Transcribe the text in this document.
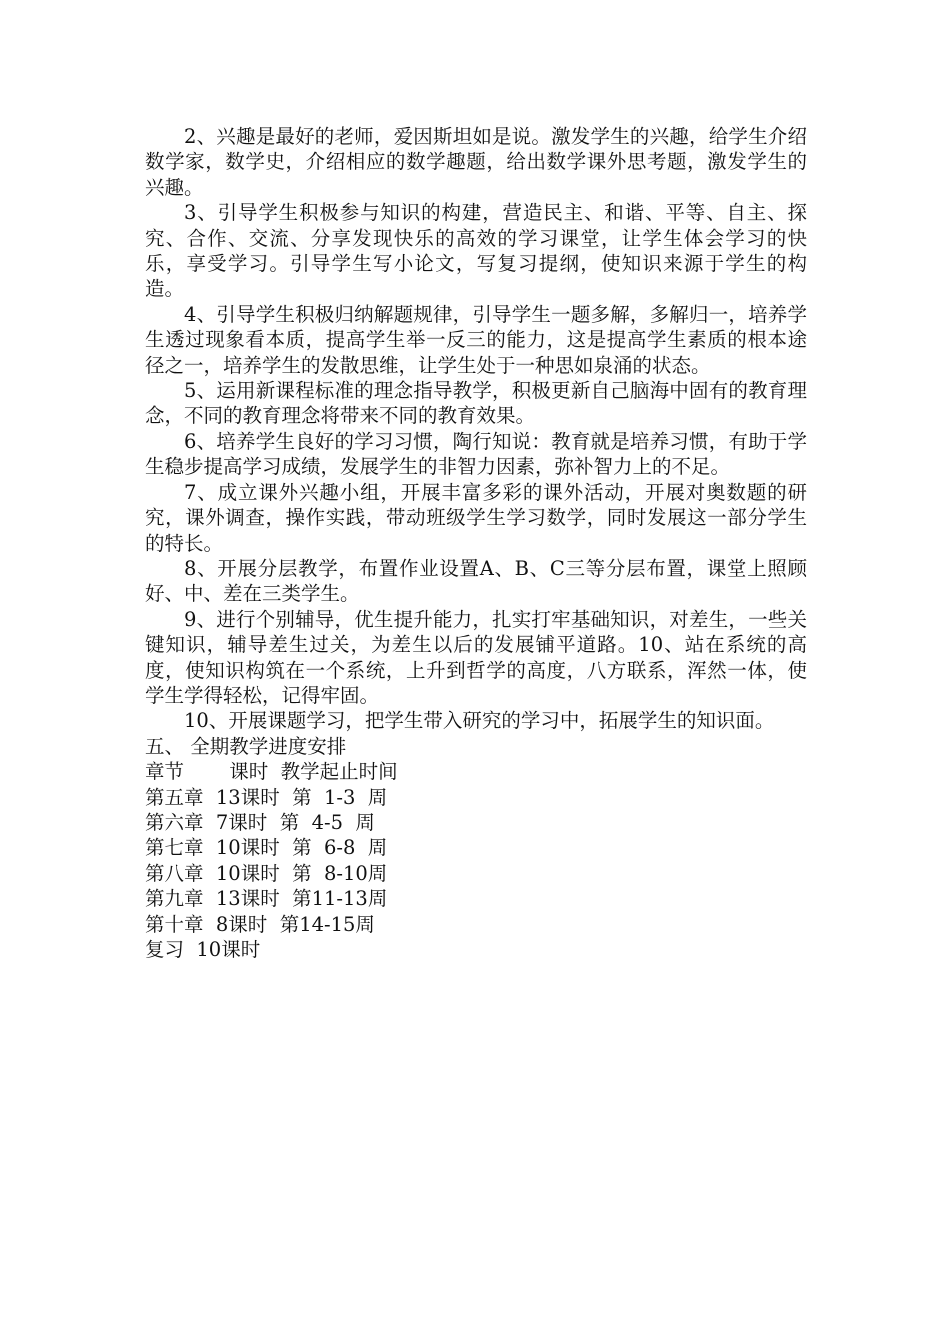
2、兴趣是最好的老师，爱因斯坦如是说。激发学生的兴趣，给学生介绍数学家，数学史，介绍相应的数学趣题，给出数学课外思考题，激发学生的兴趣。

3、引导学生积极参与知识的构建，营造民主、和谐、平等、自主、探究、合作、交流、分享发现快乐的高效的学习课堂，让学生体会学习的快乐，享受学习。引导学生写小论文，写复习提纲，使知识来源于学生的构造。

4、引导学生积极归纳解题规律，引导学生一题多解，多解归一，培养学生透过现象看本质，提高学生举一反三的能力，这是提高学生素质的根本途径之一，培养学生的发散思维，让学生处于一种思如泉涌的状态。

5、运用新课程标准的理念指导教学，积极更新自己脑海中固有的教育理念，不同的教育理念将带来不同的教育效果。

6、培养学生良好的学习习惯，陶行知说：教育就是培养习惯，有助于学生稳步提高学习成绩，发展学生的非智力因素，弥补智力上的不足。

7、成立课外兴趣小组，开展丰富多彩的课外活动，开展对奥数题的研究，课外调查，操作实践，带动班级学生学习数学，同时发展这一部分学生的特长。

8、开展分层教学，布置作业设置A、B、C三等分层布置，课堂上照顾好、中、差在三类学生。

9、进行个别辅导，优生提升能力，扎实打牢基础知识，对差生，一些关键知识，辅导差生过关，为差生以后的发展铺平道路。10、站在系统的高度，使知识构筑在一个系统，上升到哲学的高度，八方联系，浑然一体，使学生学得轻松，记得牢固。

10、开展课题学习，把学生带入研究的学习中，拓展学生的知识面。

五、 全期教学进度安排

章节　　 课时  教学起止时间
第五章  13课时  第  1-3  周
第六章  7课时  第  4-5  周
第七章  10课时  第  6-8  周
第八章  10课时  第  8-10周
第九章  13课时  第11-13周
第十章  8课时  第14-15周
复习  10课时
